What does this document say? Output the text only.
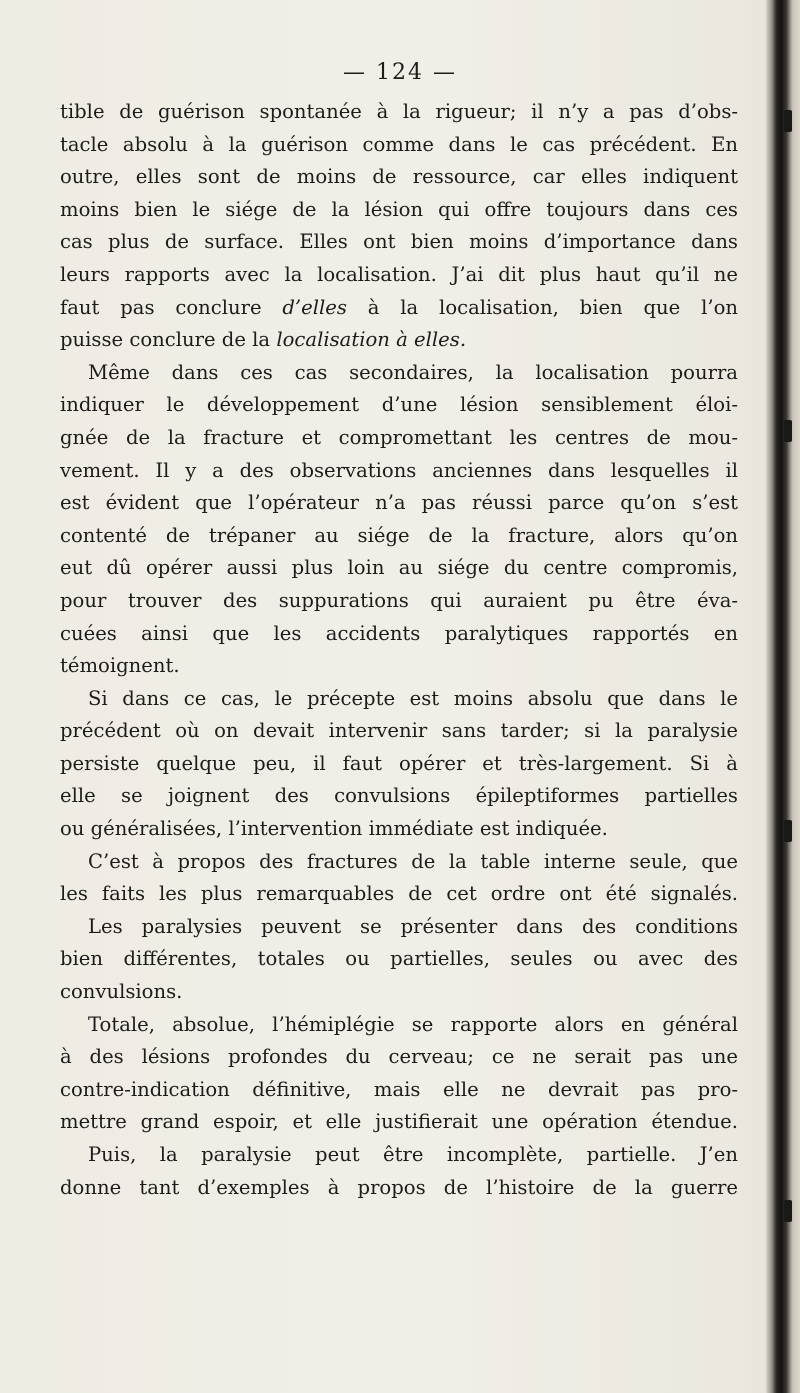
— 124 —
tible de guérison spontanée à la rigueur; il n’y a pas d’obs-
tacle absolu à la guérison comme dans le cas précédent. En
outre, elles sont de moins de ressource, car elles indiquent
moins bien le siége de la lésion qui offre toujours dans ces
cas plus de surface. Elles ont bien moins d’importance dans
leurs rapports avec la localisation. J’ai dit plus haut qu’il ne
faut pas conclure d’elles à la localisation, bien que l’on
puisse conclure de la localisation à elles.
Même dans ces cas secondaires, la localisation pourra
indiquer le développement d’une lésion sensiblement éloi-
gnée de la fracture et compromettant les centres de mou-
vement. Il y a des observations anciennes dans lesquelles il
est évident que l’opérateur n’a pas réussi parce qu’on s’est
contenté de trépaner au siége de la fracture, alors qu’on
eut dû opérer aussi plus loin au siége du centre compromis,
pour trouver des suppurations qui auraient pu être éva-
cuées ainsi que les accidents paralytiques rapportés en
témoignent.
Si dans ce cas, le précepte est moins absolu que dans le
précédent où on devait intervenir sans tarder; si la paralysie
persiste quelque peu, il faut opérer et très-largement. Si à
elle se joignent des convulsions épileptiformes partielles
ou généralisées, l’intervention immédiate est indiquée.
C’est à propos des fractures de la table interne seule, que
les faits les plus remarquables de cet ordre ont été signalés.
Les paralysies peuvent se présenter dans des conditions
bien différentes, totales ou partielles, seules ou avec des
convulsions.
Totale, absolue, l’hémiplégie se rapporte alors en général
à des lésions profondes du cerveau; ce ne serait pas une
contre-indication définitive, mais elle ne devrait pas pro-
mettre grand espoir, et elle justifierait une opération étendue.
Puis, la paralysie peut être incomplète, partielle. J’en
donne tant d’exemples à propos de l’histoire de la guerre
